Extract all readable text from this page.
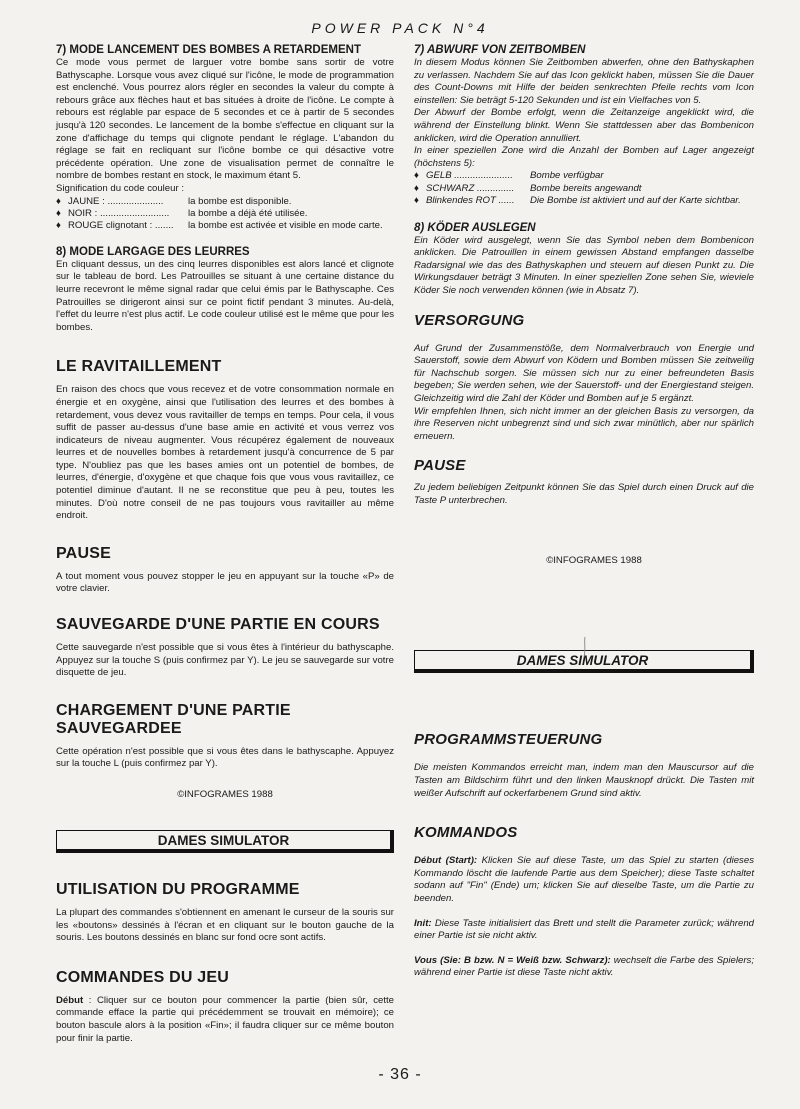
POWER PACK N°4

7) MODE LANCEMENT DES BOMBES A RETARDEMENT

Ce mode vous permet de larguer votre bombe sans sortir de votre Bathyscaphe. Lorsque vous avez cliqué sur l'icône, le mode de programmation est enclenché. Vous pourrez alors régler en secondes la valeur du compte à rebours grâce aux flèches haut et bas situées à droite de l'icône. Le compte à rebours est réglable par espace de 5 secondes et ce à partir de 5 secondes jusqu'à 120 secondes. Le lancement de la bombe s'effectue en cliquant sur la zone d'affichage du temps qui clignote pendant le réglage. L'abandon du réglage se fait en recliquant sur l'icône bombe ce qui désactive votre précédente opération. Une zone de visualisation permet de connaître le nombre de bombes restant en stock, le maximum étant 5.

Signification du code couleur :

♦ JAUNE : .....................	la bombe est disponible.
♦ NOIR : ..........................	la bombe a déjà été utilisée.
♦ ROUGE clignotant : .......	la bombe est activée et visible en mode carte.

8) MODE LARGAGE DES LEURRES

En cliquant dessus, un des cinq leurres disponibles est alors lancé et clignote sur le tableau de bord. Les Patrouilles se situant à une certaine distance du leurre recevront le même signal radar que celui émis par le Bathyscaphe. Ces Patrouilles se dirigeront ainsi sur ce point fictif pendant 3 minutes. Au-delà, l'effet du leurre n'est plus actif. Le code couleur utilisé est le même que pour les bombes.

LE RAVITAILLEMENT

En raison des chocs que vous recevez et de votre consommation normale en énergie et en oxygène, ainsi que l'utilisation des leurres et des bombes à retardement, vous devez vous ravitailler de temps en temps. Pour cela, il vous suffit de passer au-dessus d'une base amie en activité et vous verrez vos indicateurs de niveau augmenter. Vous récupérez également de nouveaux leurres et de nouvelles bombes à retardement jusqu'à concurrence de 5 par type. N'oubliez pas que les bases amies ont un potentiel de bombes, de leurres, d'énergie, d'oxygène et que chaque fois que vous vous ravitaillez, ce potentiel diminue d'autant. Il ne se reconstitue que peu à peu, toutes les minutes. D'où notre conseil de ne pas toujours vous ravitailler au même endroit.

PAUSE

A tout moment vous pouvez stopper le jeu en appuyant sur la touche «P» de votre clavier.

SAUVEGARDE D'UNE PARTIE EN COURS

Cette sauvegarde n'est possible que si vous êtes à l'intérieur du bathyscaphe. Appuyez sur la touche S (puis confirmez par Y). Le jeu se sauvegarde sur votre disquette de jeu.

CHARGEMENT D'UNE PARTIE SAUVEGARDEE

Cette opération n'est possible que si vous êtes dans le bathyscaphe. Appuyez sur la touche L (puis confirmez par Y).

©INFOGRAMES 1988

DAMES SIMULATOR

UTILISATION DU PROGRAMME

La plupart des commandes s'obtiennent en amenant le curseur de la souris sur les «boutons» dessinés à l'écran et en cliquant sur le bouton gauche de la souris. Les boutons dessinés en blanc sur fond ocre sont actifs.

COMMANDES DU JEU

Début : Cliquer sur ce bouton pour commencer la partie (bien sûr, cette commande efface la partie qui précédemment se trouvait en mémoire); ce bouton bascule alors à la position «Fin»; il faudra cliquer sur ce même bouton pour finir la partie.

7) ABWURF VON ZEITBOMBEN

In diesem Modus können Sie Zeitbomben abwerfen, ohne den Bathyskaphen zu verlassen. Nachdem Sie auf das Icon geklickt haben, müssen Sie die Dauer des Count-Downs mit Hilfe der beiden senkrechten Pfeile rechts vom Icon einstellen: Sie beträgt 5-120 Sekunden und ist ein Vielfaches von 5.

Der Abwurf der Bombe erfolgt, wenn die Zeitanzeige angeklickt wird, die während der Einstellung blinkt. Wenn Sie stattdessen aber das Bombenicon anklicken, wird die Operation annulliert.

In einer speziellen Zone wird die Anzahl der Bomben auf Lager angezeigt (höchstens 5):

♦ GELB ......................	Bombe verfügbar
♦ SCHWARZ ..............	Bombe bereits angewandt
♦ Blinkendes ROT ......	Die Bombe ist aktiviert und auf der Karte sichtbar.

8) KÖDER AUSLEGEN

Ein Köder wird ausgelegt, wenn Sie das Symbol neben dem Bombenicon anklicken. Die Patrouillen in einem gewissen Abstand empfangen dasselbe Radarsignal wie das des Bathyskaphen und steuern auf diesen Punkt zu. Die Wirkungsdauer beträgt 3 Minuten. In einer speziellen Zone sehen Sie, wieviele Köder Sie noch verwenden können (wie in Absatz 7).

VERSORGUNG

Auf Grund der Zusammenstöße, dem Normalverbrauch von Energie und Sauerstoff, sowie dem Abwurf von Ködern und Bomben müssen Sie zeitweilig für Nachschub sorgen. Sie müssen sich nur zu einer befreundeten Basis begeben; Sie werden sehen, wie der Sauerstoff- und der Energiestand steigen. Gleichzeitig wird die Zahl der Köder und Bomben auf je 5 ergänzt.

Wir empfehlen Ihnen, sich nicht immer an der gleichen Basis zu versorgen, da ihre Reserven nicht unbegrenzt sind und sich zwar minütlich, aber nur spärlich erneuern.

PAUSE

Zu jedem beliebigen Zeitpunkt können Sie das Spiel durch einen Druck auf die Taste P unterbrechen.

©INFOGRAMES 1988

DAMES SIMULATOR

PROGRAMMSTEUERUNG

Die meisten Kommandos erreicht man, indem man den Mauscursor auf die Tasten am Bildschirm führt und den linken Mausknopf drückt. Die Tasten mit weißer Aufschrift auf ockerfarbenem Grund sind aktiv.

KOMMANDOS

Début (Start): Klicken Sie auf diese Taste, um das Spiel zu starten (dieses Kommando löscht die laufende Partie aus dem Speicher); diese Taste schaltet sodann auf "Fin" (Ende) um; klicken Sie auf dieselbe Taste, um die Partie zu beenden.

Init: Diese Taste initialisiert das Brett und stellt die Parameter zurück; während einer Partie ist sie nicht aktiv.

Vous (Sie: B bzw. N = Weiß bzw. Schwarz): wechselt die Farbe des Spielers; während einer Partie ist diese Taste nicht aktiv.

- 36 -
